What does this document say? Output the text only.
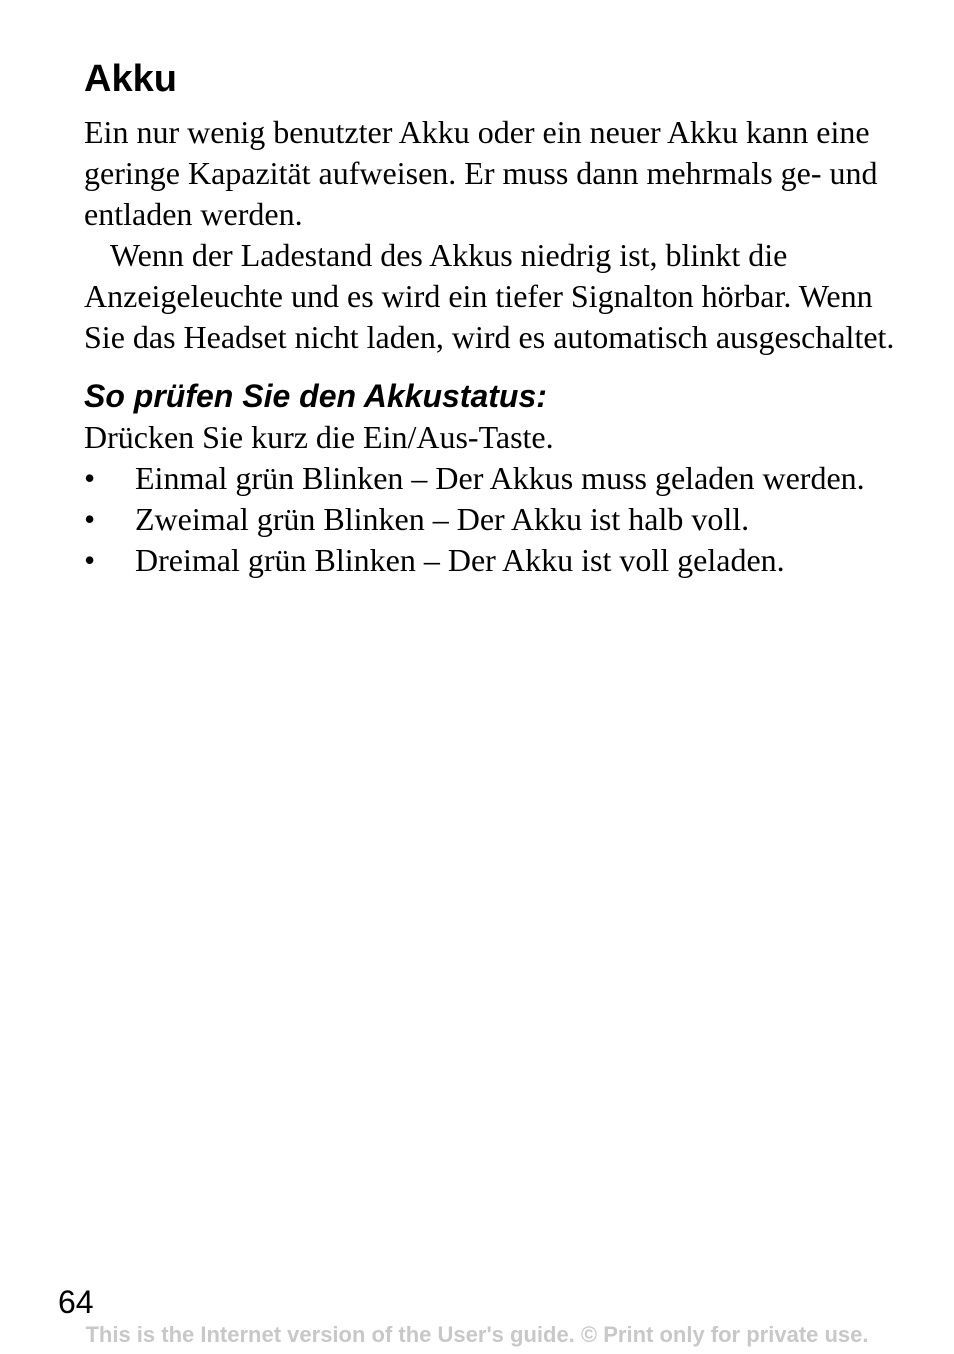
Akku

Ein nur wenig benutzter Akku oder ein neuer Akku kann eine geringe Kapazität aufweisen. Er muss dann mehrmals ge- und entladen werden.

Wenn der Ladestand des Akkus niedrig ist, blinkt die Anzeigeleuchte und es wird ein tiefer Signalton hörbar. Wenn Sie das Headset nicht laden, wird es automatisch ausgeschaltet.

So prüfen Sie den Akkustatus:

Drücken Sie kurz die Ein/Aus-Taste.

•	Einmal grün Blinken – Der Akkus muss geladen werden.
•	Zweimal grün Blinken – Der Akku ist halb voll.
•	Dreimal grün Blinken – Der Akku ist voll geladen.
64
This is the Internet version of the User's guide. © Print only for private use.
